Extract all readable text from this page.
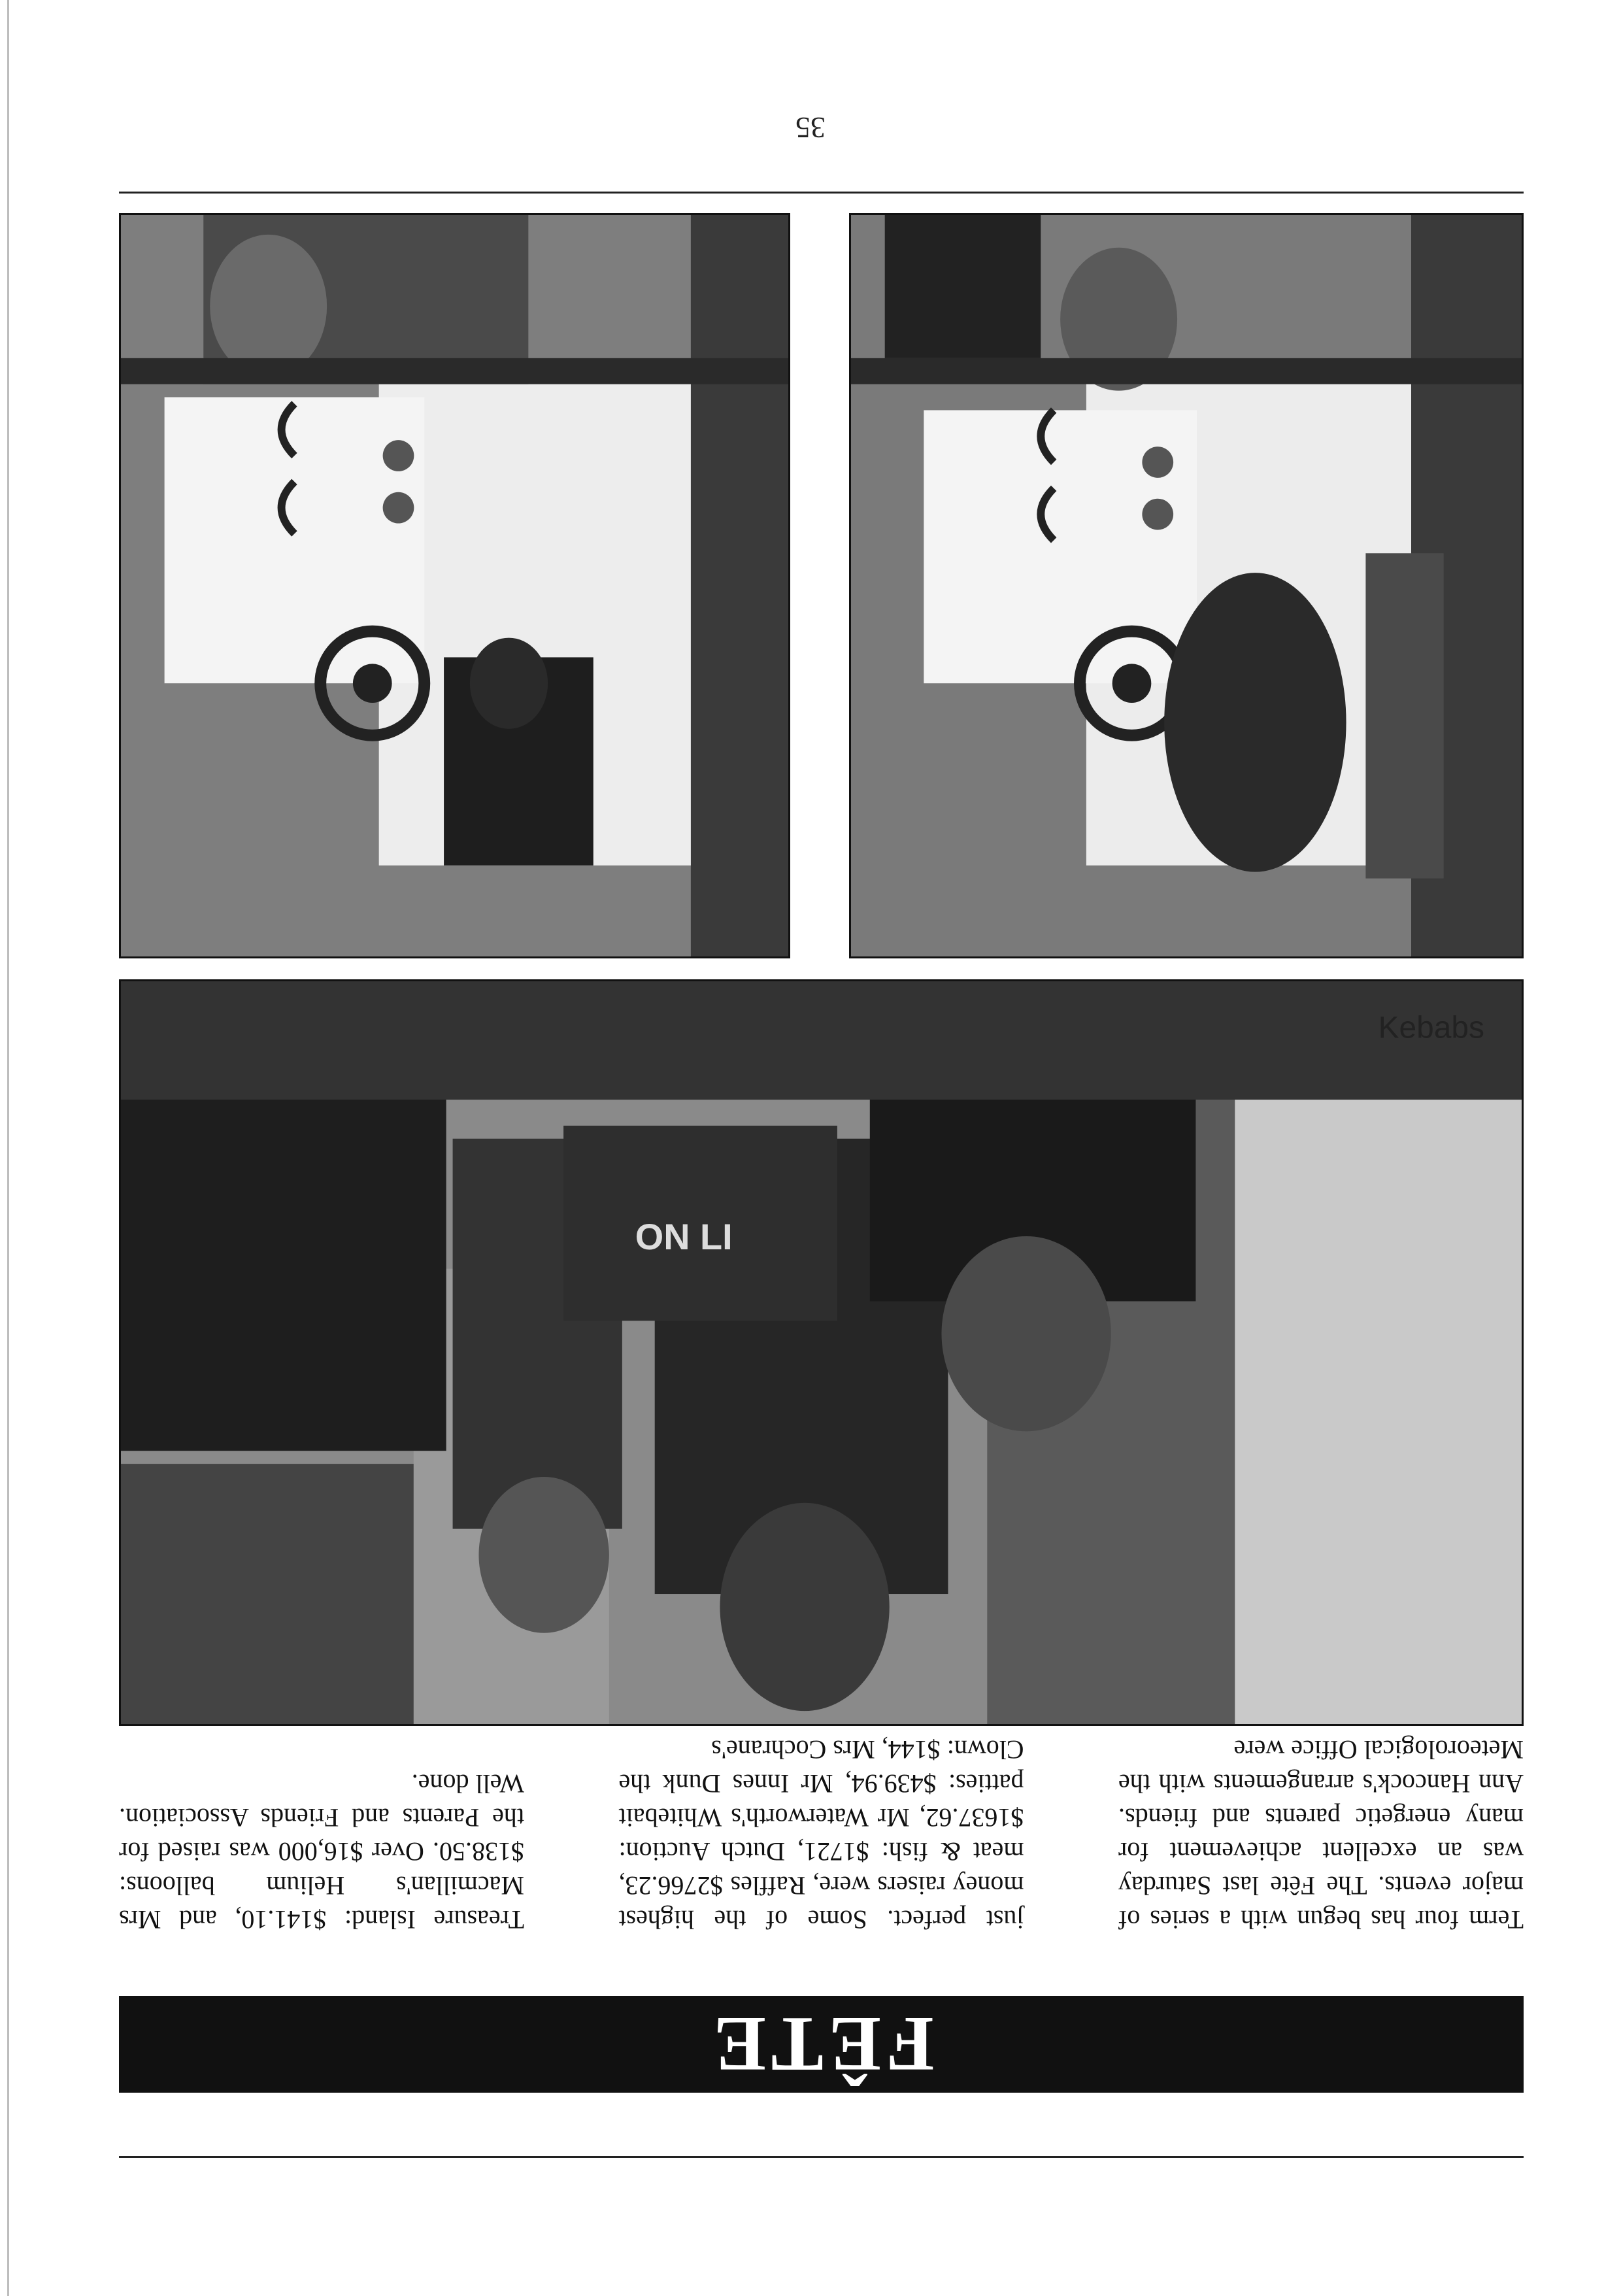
FÊTE

Term four has begun with a series of major events. The Fête last Saturday was an excellent achievement for many energetic parents and friends. Ann Hancock's arrangements with the Meteorological Office were

just perfect. Some of the highest money raisers were, Raffles $2766.23, meat & fish: $1721, Dutch Auction: $1637.62, Mr Waterworth's Whitebait patties: $439.94, Mr Innes Dunk the Clown: $144, Mrs Cochrane's

Treasure Island: $141.10, and Mrs Macmillan's Helium balloons: $138.50. Over $16,000 was raised for the Parents and Friends Association. Well done.

Kebabs
ON LI
35
